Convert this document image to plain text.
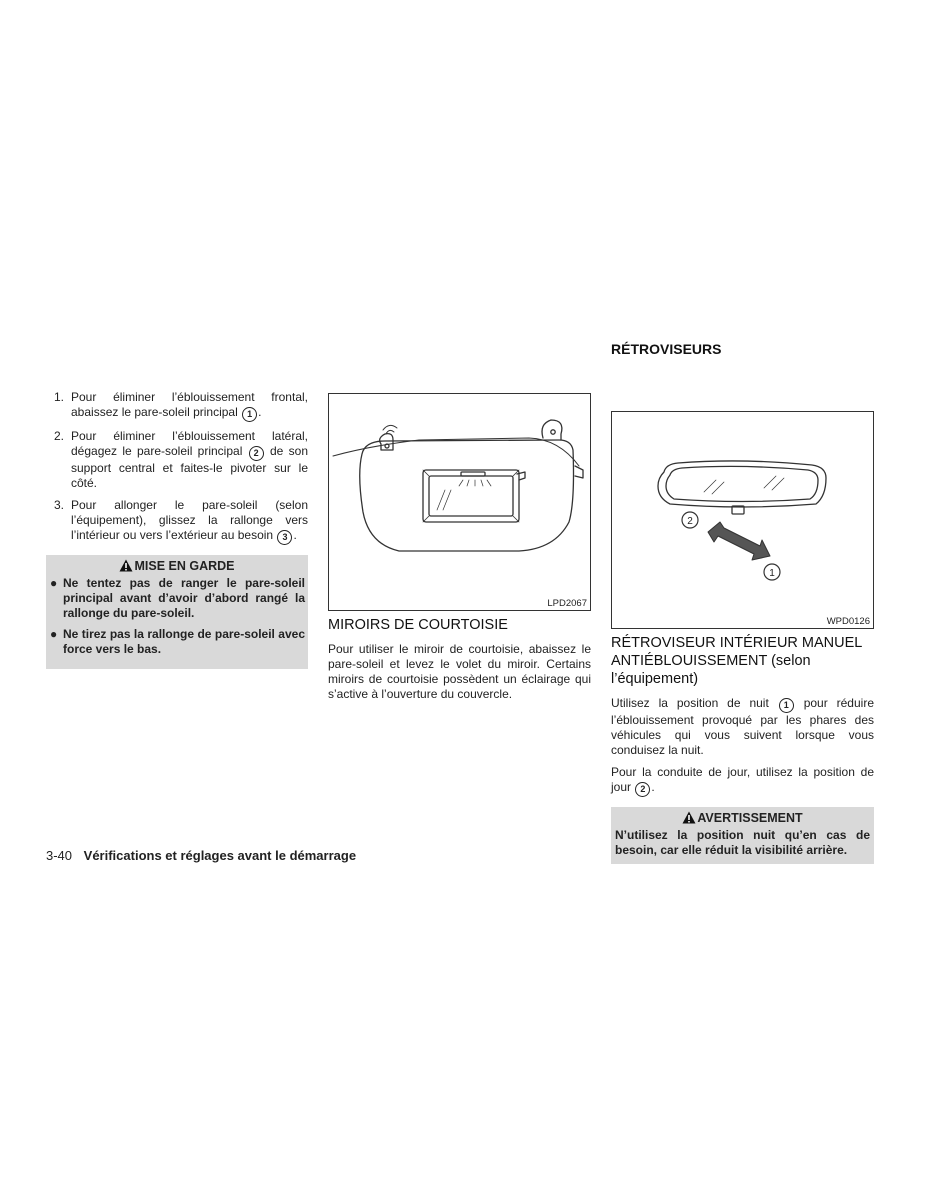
1. Pour éliminer l’éblouissement frontal, abaissez le pare-soleil principal 1 .
2. Pour éliminer l’éblouissement latéral, dégagez le pare-soleil principal 2 de son support central et faites-le pivoter sur le côté.
3. Pour allonger le pare-soleil (selon l’équipement), glissez la rallonge vers l’intérieur ou vers l’extérieur au besoin 3 .
MISE EN GARDE
● Ne tentez pas de ranger le pare-soleil principal avant d’avoir d’abord rangé la rallonge du pare-soleil.
● Ne tirez pas la rallonge de pare-soleil avec force vers le bas.
LPD2067
MIROIRS DE COURTOISIE

Pour utiliser le miroir de courtoisie, abaissez le pare-soleil et levez le volet du miroir. Certains miroirs de courtoisie possèdent un éclairage qui s’active à l’ouverture du couvercle.

RÉTROVISEURS
2
1
WPD0126
RÉTROVISEUR INTÉRIEUR MANUEL ANTIÉBLOUISSEMENT (selon l’équipement)

Utilisez la position de nuit 1 pour réduire l’éblouissement provoqué par les phares des véhicules qui vous suivent lorsque vous conduisez la nuit.

Pour la conduite de jour, utilisez la position de jour 2 .

AVERTISSEMENT
N’utilisez la position nuit qu’en cas de besoin, car elle réduit la visibilité arrière.
3-40 Vérifications et réglages avant le démarrage
